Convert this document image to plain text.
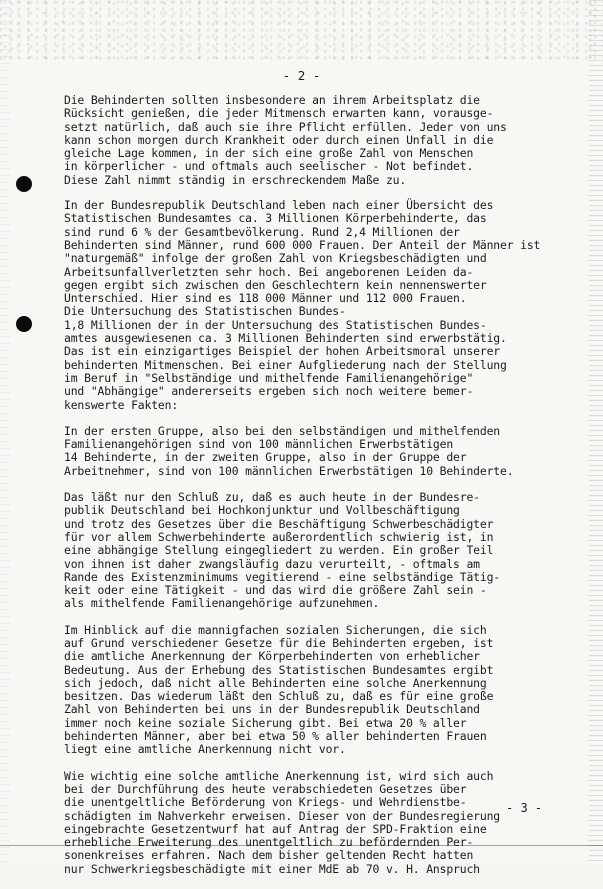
- 2 -

Die Behinderten sollten insbesondere an ihrem Arbeitsplatz die
Rücksicht genießen, die jeder Mitmensch erwarten kann, vorausge-
setzt natürlich, daß auch sie ihre Pflicht erfüllen. Jeder von uns
kann schon morgen durch Krankheit oder durch einen Unfall in die
gleiche Lage kommen, in der sich eine große Zahl von Menschen
in körperlicher - und oftmals auch seelischer - Not befindet.
Diese Zahl nimmt ständig in erschreckendem Maße zu.

In der Bundesrepublik Deutschland leben nach einer Übersicht des
Statistischen Bundesamtes ca. 3 Millionen Körperbehinderte, das
sind rund 6 % der Gesamtbevölkerung. Rund 2,4 Millionen der
Behinderten sind Männer, rund 600 000 Frauen. Der Anteil der Männer ist
"naturgemäß" infolge der großen Zahl von Kriegsbeschädigten und
Arbeitsunfallverletzten sehr hoch. Bei angeborenen Leiden da-
gegen ergibt sich zwischen den Geschlechtern kein nennenswerter
Unterschied. Hier sind es 118 000 Männer und 112 000 Frauen.
Die Untersuchung des Statistischen Bundes-
1,8 Millionen der in der Untersuchung des Statistischen Bundes-
amtes ausgewiesenen ca. 3 Millionen Behinderten sind erwerbstätig.
Das ist ein einzigartiges Beispiel der hohen Arbeitsmoral unserer
behinderten Mitmenschen. Bei einer Aufgliederung nach der Stellung
im Beruf in "Selbständige und mithelfende Familienangehörige"
und "Abhängige" andererseits ergeben sich noch weitere bemer-
kenswerte Fakten:

In der ersten Gruppe, also bei den selbständigen und mithelfenden
Familienangehörigen sind von 100 männlichen Erwerbstätigen
14 Behinderte, in der zweiten Gruppe, also in der Gruppe der
Arbeitnehmer, sind von 100 männlichen Erwerbstätigen 10 Behinderte.

Das läßt nur den Schluß zu, daß es auch heute in der Bundesre-
publik Deutschland bei Hochkonjunktur und Vollbeschäftigung
und trotz des Gesetzes über die Beschäftigung Schwerbeschädigter
für vor allem Schwerbehinderte außerordentlich schwierig ist, in
eine abhängige Stellung eingegliedert zu werden. Ein großer Teil
von ihnen ist daher zwangsläufig dazu verurteilt, - oftmals am
Rande des Existenzminimums vegitierend - eine selbständige Tätig-
keit oder eine Tätigkeit - und das wird die größere Zahl sein -
als mithelfende Familienangehörige aufzunehmen.

Im Hinblick auf die mannigfachen sozialen Sicherungen, die sich
auf Grund verschiedener Gesetze für die Behinderten ergeben, ist
die amtliche Anerkennung der Körperbehinderten von erheblicher
Bedeutung. Aus der Erhebung des Statistischen Bundesamtes ergibt
sich jedoch, daß nicht alle Behinderten eine solche Anerkennung
besitzen. Das wiederum läßt den Schluß zu, daß es für eine große
Zahl von Behinderten bei uns in der Bundesrepublik Deutschland
immer noch keine soziale Sicherung gibt. Bei etwa 20 % aller
behinderten Männer, aber bei etwa 50 % aller behinderten Frauen
liegt eine amtliche Anerkennung nicht vor.

Wie wichtig eine solche amtliche Anerkennung ist, wird sich auch
bei der Durchführung des heute verabschiedeten Gesetzes über
die unentgeltliche Beförderung von Kriegs- und Wehrdienstbe-
schädigten im Nahverkehr erweisen. Dieser von der Bundesregierung
eingebrachte Gesetzentwurf hat auf Antrag der SPD-Fraktion eine
erhebliche Erweiterung des unentgeltlich zu befördernden Per-
sonenkreises erfahren. Nach dem bisher geltenden Recht hatten
nur Schwerkriegsbeschädigte mit einer MdE ab 70 v. H. Anspruch

- 3 -
